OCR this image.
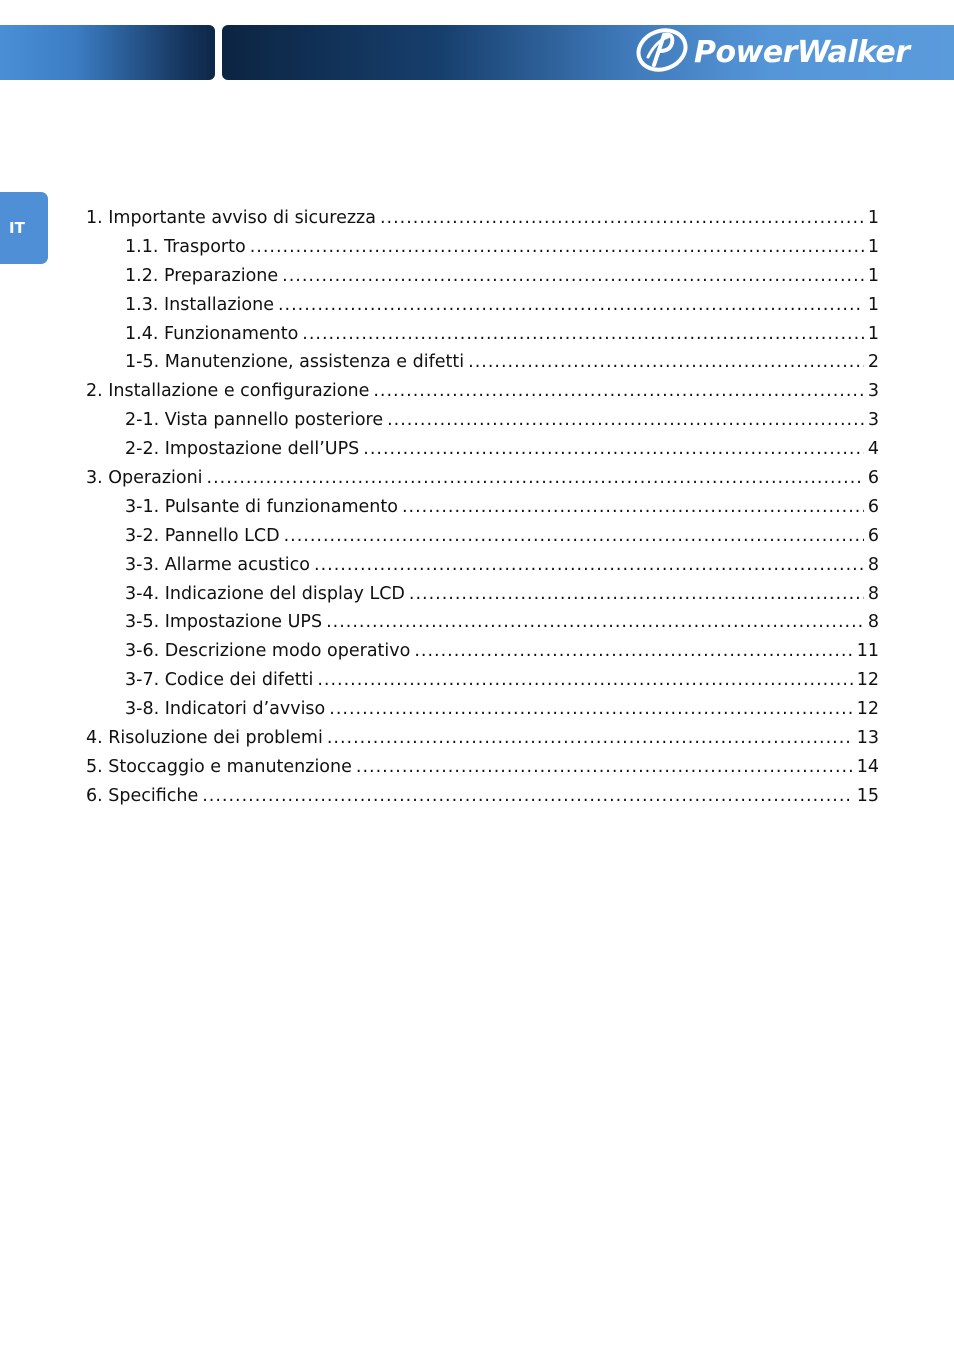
PowerWalker
IT	1. Importante avviso di sicurezza .....	1
1.1. Trasporto .....	1
1.2. Preparazione .....	1
1.3. Installazione .....	1
1.4. Funzionamento .....	1
1-5. Manutenzione, assistenza e difetti .....	2
2. Installazione e configurazione .....	3
2-1. Vista pannello posteriore .....	3
2-2. Impostazione dell’UPS .....	4
3. Operazioni .....	6
3-1. Pulsante di funzionamento .....	6
3-2. Pannello LCD .....	6
3-3. Allarme acustico .....	8
3-4. Indicazione del display LCD .....	8
3-5. Impostazione UPS .....	8
3-6. Descrizione modo operativo .....	11
3-7. Codice dei difetti .....	12
3-8. Indicatori d’avviso .....	12
4. Risoluzione dei problemi .....	13
5. Stoccaggio e manutenzione .....	14
6. Specifiche .....	15
